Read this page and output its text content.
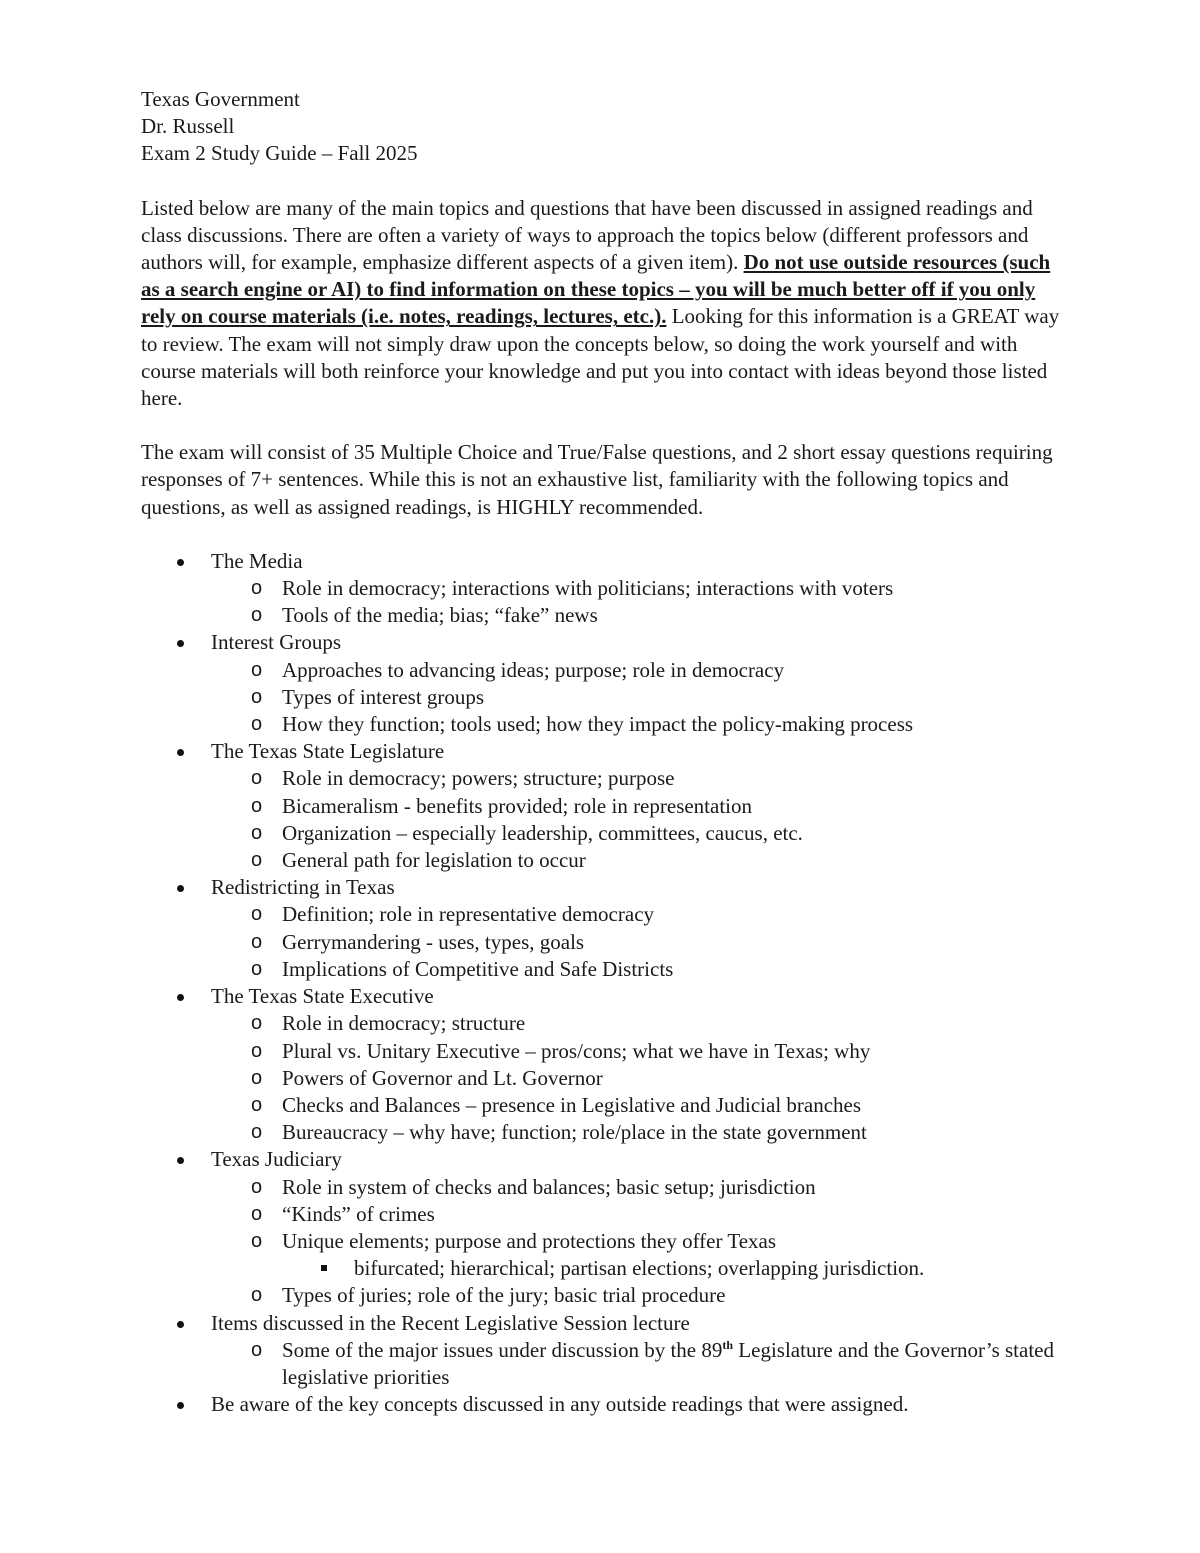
Texas Government
Dr. Russell
Exam 2 Study Guide – Fall 2025

Listed below are many of the main topics and questions that have been discussed in assigned readings and class discussions. There are often a variety of ways to approach the topics below (different professors and authors will, for example, emphasize different aspects of a given item). Do not use outside resources (such as a search engine or AI) to find information on these topics – you will be much better off if you only rely on course materials (i.e. notes, readings, lectures, etc.). Looking for this information is a GREAT way to review. The exam will not simply draw upon the concepts below, so doing the work yourself and with course materials will both reinforce your knowledge and put you into contact with ideas beyond those listed here.

The exam will consist of 35 Multiple Choice and True/False questions, and 2 short essay questions requiring responses of 7+ sentences. While this is not an exhaustive list, familiarity with the following topics and questions, as well as assigned readings, is HIGHLY recommended.

The Media
o Role in democracy; interactions with politicians; interactions with voters
o Tools of the media; bias; “fake” news
Interest Groups
o Approaches to advancing ideas; purpose; role in democracy
o Types of interest groups
o How they function; tools used; how they impact the policy-making process
The Texas State Legislature
o Role in democracy; powers; structure; purpose
o Bicameralism - benefits provided; role in representation
o Organization – especially leadership, committees, caucus, etc.
o General path for legislation to occur
Redistricting in Texas
o Definition; role in representative democracy
o Gerrymandering - uses, types, goals
o Implications of Competitive and Safe Districts
The Texas State Executive
o Role in democracy; structure
o Plural vs. Unitary Executive – pros/cons; what we have in Texas; why
o Powers of Governor and Lt. Governor
o Checks and Balances – presence in Legislative and Judicial branches
o Bureaucracy – why have; function; role/place in the state government
Texas Judiciary
o Role in system of checks and balances; basic setup; jurisdiction
o “Kinds” of crimes
o Unique elements; purpose and protections they offer Texas
bifurcated; hierarchical; partisan elections; overlapping jurisdiction.
o Types of juries; role of the jury; basic trial procedure
Items discussed in the Recent Legislative Session lecture
o Some of the major issues under discussion by the 89th Legislature and the Governor’s stated legislative priorities
Be aware of the key concepts discussed in any outside readings that were assigned.
